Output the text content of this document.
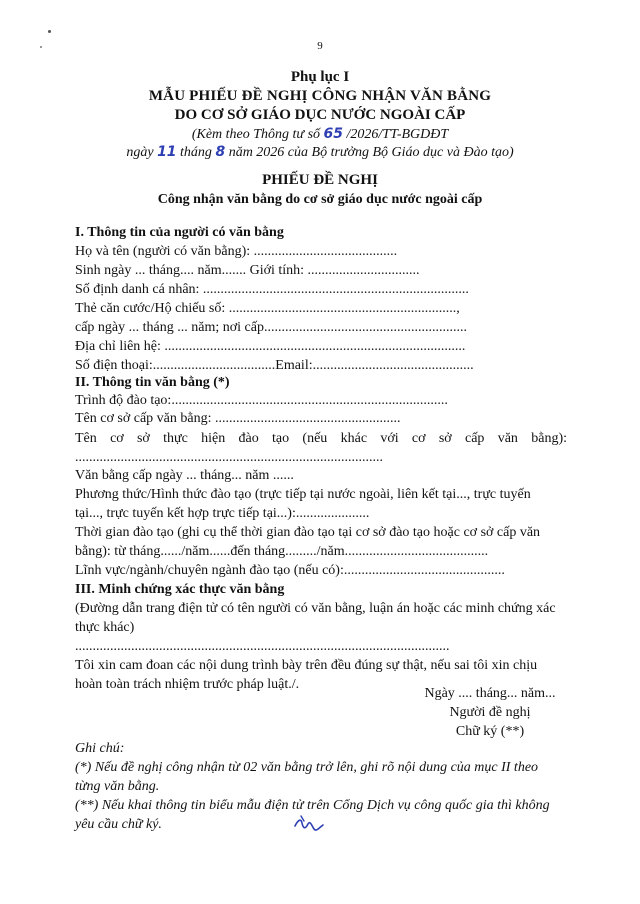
9
Phụ lục I
MẪU PHIẾU ĐỀ NGHỊ CÔNG NHẬN VĂN BẰNG
DO CƠ SỞ GIÁO DỤC NƯỚC NGOÀI CẤP
(Kèm theo Thông tư số 65 /2026/TT-BGDĐT
ngày 11 tháng 8 năm 2026 của Bộ trưởng Bộ Giáo dục và Đào tạo)
PHIẾU ĐỀ NGHỊ
Công nhận văn bằng do cơ sở giáo dục nước ngoài cấp
I. Thông tin của người có văn bằng
Họ và tên (người có văn bằng): .........................................
Sinh ngày ... tháng.... năm....... Giới tính: ................................
Số định danh cá nhân: ............................................................................
Thẻ căn cước/Hộ chiếu số: .................................................................,
cấp ngày ... tháng ... năm; nơi cấp..........................................................
Địa chỉ liên hệ: ......................................................................................
Số điện thoại:...................................Email:..............................................
II. Thông tin văn bằng (*)
Trình độ đào tạo:...............................................................................
Tên cơ sở cấp văn bằng: .....................................................
Tên cơ sở thực hiện đào tạo (nếu khác với cơ sở cấp văn bằng):
........................................................................................
Văn bằng cấp ngày ... tháng... năm ......
Phương thức/Hình thức đào tạo (trực tiếp tại nước ngoài, liên kết tại..., trực tuyến
tại..., trực tuyến kết hợp trực tiếp tại...):.....................
Thời gian đào tạo (ghi cụ thể thời gian đào tạo tại cơ sở đào tạo hoặc cơ sở cấp văn
bằng): từ tháng....../năm......đến tháng........./năm.........................................
Lĩnh vực/ngành/chuyên ngành đào tạo (nếu có):..............................................
III. Minh chứng xác thực văn bằng
(Đường dẫn trang điện tử có tên người có văn bằng, luận án hoặc các minh chứng xác
thực khác)
...........................................................................................................
Tôi xin cam đoan các nội dung trình bày trên đều đúng sự thật, nếu sai tôi xin chịu
hoàn toàn trách nhiệm trước pháp luật./.
Ngày .... tháng... năm...
Người đề nghị
Chữ ký (**)
Ghi chú:
(*) Nếu đề nghị công nhận từ 02 văn bằng trở lên, ghi rõ nội dung của mục II theo
từng văn bằng.
(**) Nếu khai thông tin biểu mẫu điện tử trên Cổng Dịch vụ công quốc gia thì không
yêu cầu chữ ký.
